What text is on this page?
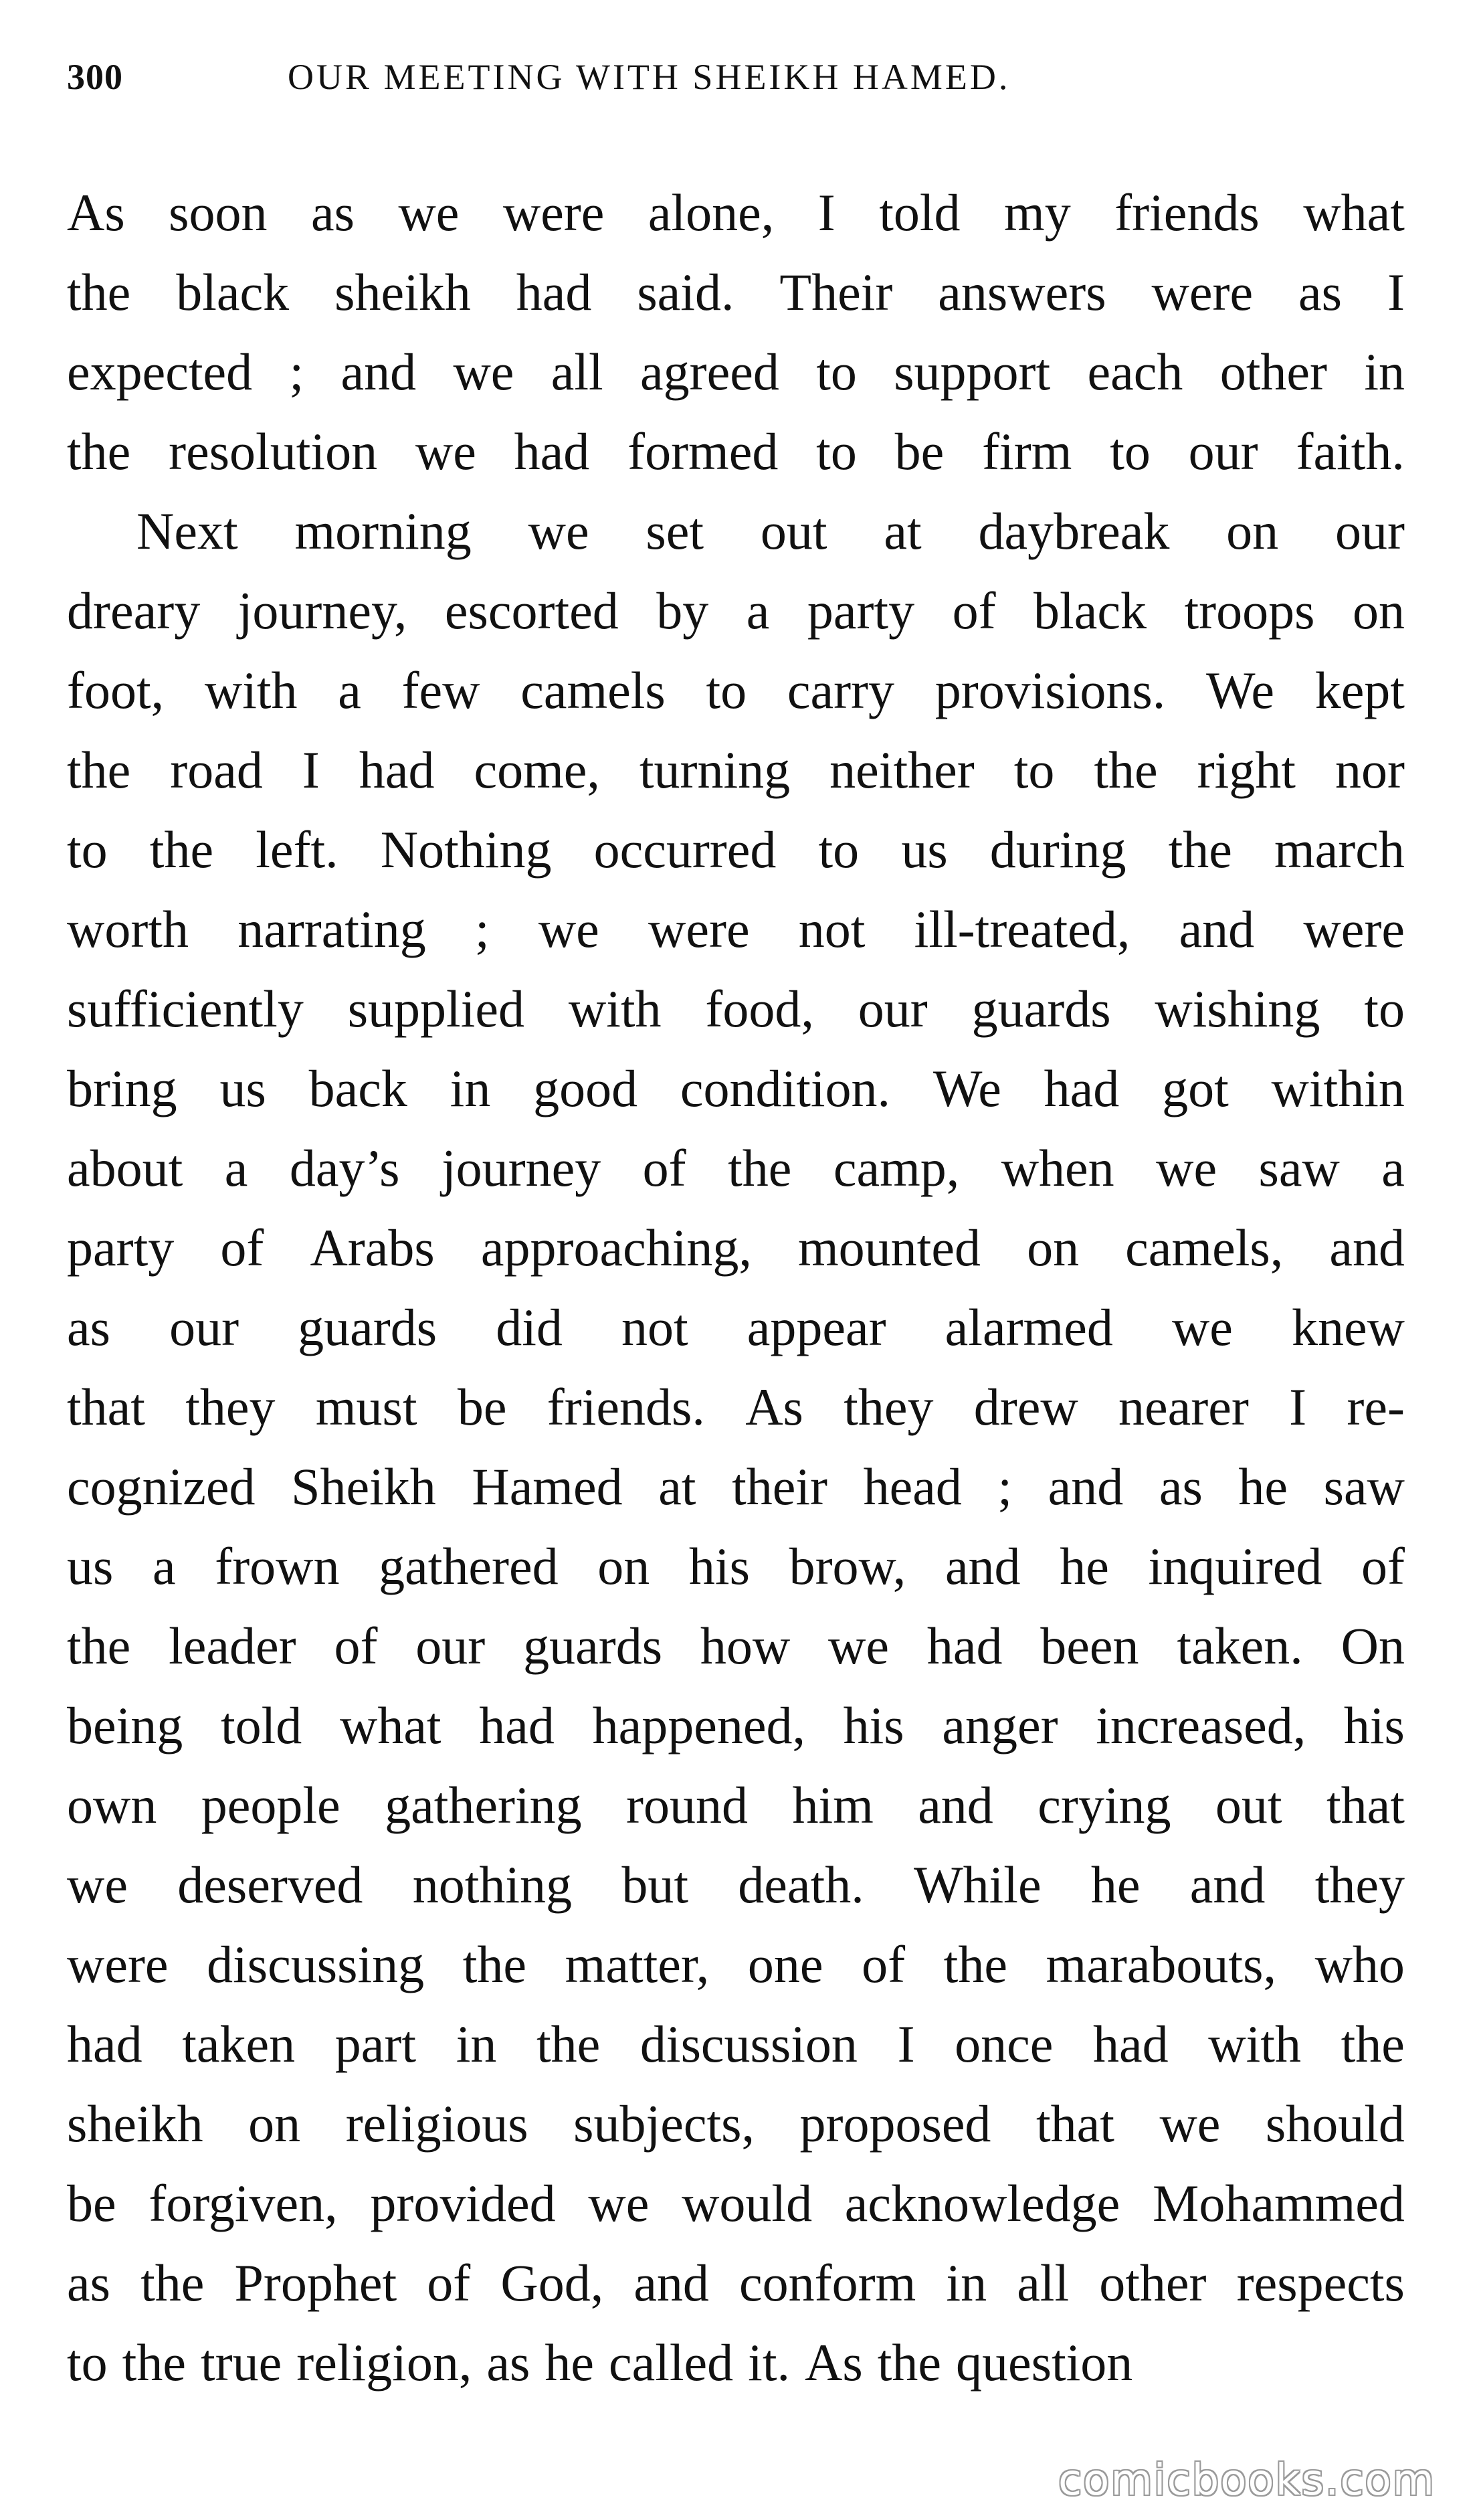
300	OUR MEETING WITH SHEIKH HAMED.
As soon as we were alone, I told my friends what
the black sheikh had said. Their answers were as I
expected ; and we all agreed to support each other in
the resolution we had formed to be firm to our faith.
Next morning we set out at daybreak on our
dreary journey, escorted by a party of black troops on
foot, with a few camels to carry provisions. We kept
the road I had come, turning neither to the right nor
to the left. Nothing occurred to us during the march
worth narrating ; we were not ill-treated, and were
sufficiently supplied with food, our guards wishing to
bring us back in good condition. We had got within
about a day’s journey of the camp, when we saw a
party of Arabs approaching, mounted on camels, and
as our guards did not appear alarmed we knew
that they must be friends. As they drew nearer I re-
cognized Sheikh Hamed at their head ; and as he saw
us a frown gathered on his brow, and he inquired of
the leader of our guards how we had been taken. On
being told what had happened, his anger increased, his
own people gathering round him and crying out that
we deserved nothing but death. While he and they
were discussing the matter, one of the marabouts, who
had taken part in the discussion I once had with the
sheikh on religious subjects, proposed that we should
be forgiven, provided we would acknowledge Mohammed
as the Prophet of God, and conform in all other respects
to the true religion, as he called it. As the question
comicbooks.com
